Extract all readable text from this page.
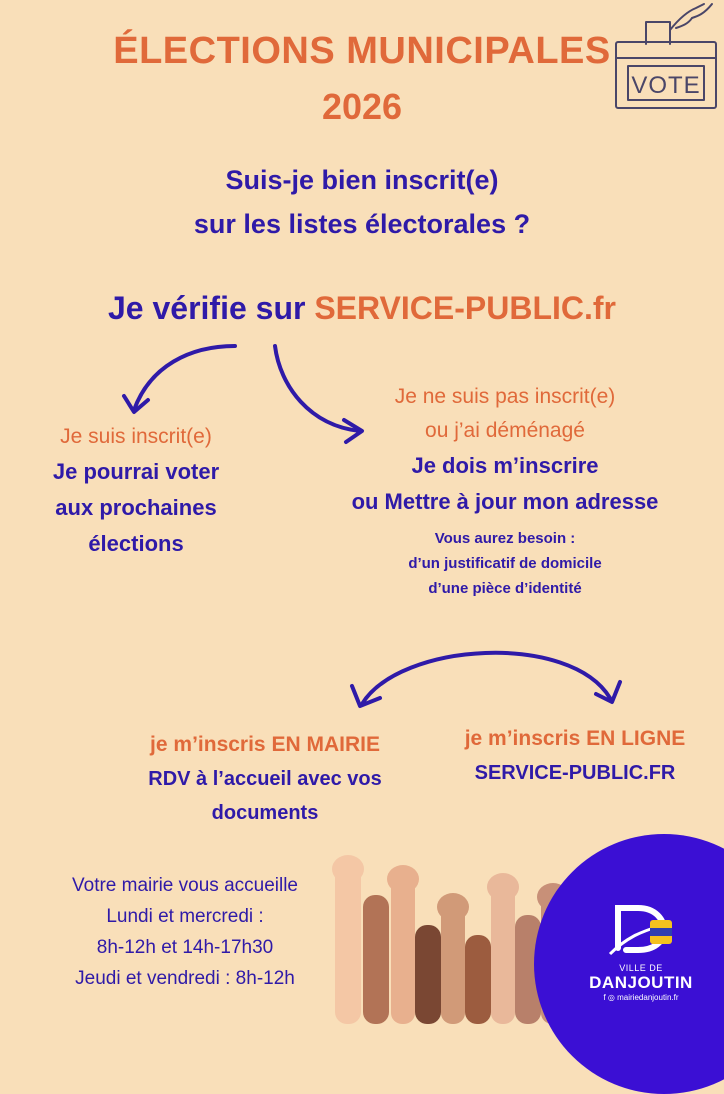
VOTE
ÉLECTIONS MUNICIPALES
2026
Suis-je bien inscrit(e)
sur les listes électorales ?
Je vérifie sur SERVICE-PUBLIC.fr
Je suis inscrit(e)
Je pourrai voter
aux prochaines
élections
Je ne suis pas inscrit(e)
ou j’ai déménagé
Je dois m’inscrire
ou Mettre à jour mon adresse
Vous aurez besoin :
d’un justificatif de domicile
d’une pièce d’identité
je m’inscris EN MAIRIE
RDV à l’accueil avec vos
documents
je m’inscris EN LIGNE
SERVICE-PUBLIC.FR
Votre mairie vous accueille
Lundi et mercredi :
8h-12h et 14h-17h30
Jeudi et vendredi : 8h-12h	VILLE DE
DANJOUTIN
f ◎ mairiedanjoutin.fr
